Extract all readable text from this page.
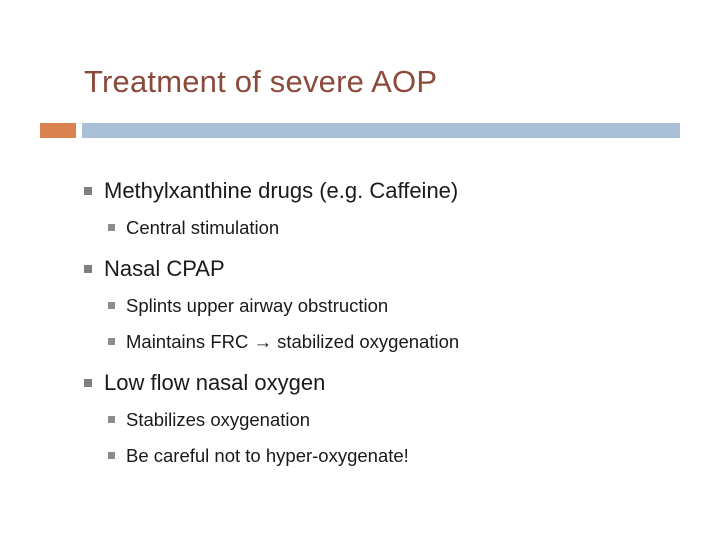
Treatment of severe AOP
Methylxanthine drugs (e.g. Caffeine)
Central stimulation
Nasal CPAP
Splints upper airway obstruction
Maintains FRC → stabilized oxygenation
Low flow nasal oxygen
Stabilizes oxygenation
Be careful not to hyper-oxygenate!
